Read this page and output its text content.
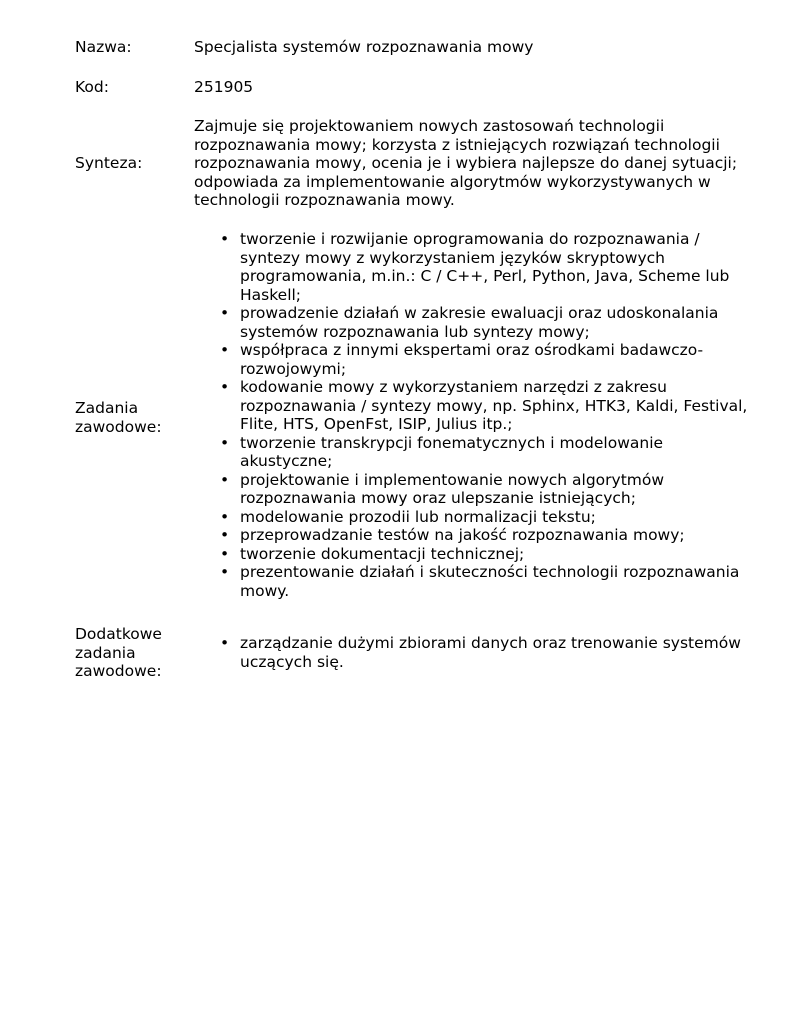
Nazwa:	Specjalista systemów rozpoznawania mowy
Kod:	251905
Synteza:
Zajmuje się projektowaniem nowych zastosowań technologii rozpoznawania mowy; korzysta z istniejących rozwiązań technologii rozpoznawania mowy, ocenia je i wybiera najlepsze do danej sytuacji; odpowiada za implementowanie algorytmów wykorzystywanych w technologii rozpoznawania mowy.
Zadania zawodowe:
• tworzenie i rozwijanie oprogramowania do rozpoznawania / syntezy mowy z wykorzystaniem języków skryptowych programowania, m.in.: C / C++, Perl, Python, Java, Scheme lub Haskell;
• prowadzenie działań w zakresie ewaluacji oraz udoskonalania systemów rozpoznawania lub syntezy mowy;
• współpraca z innymi ekspertami oraz ośrodkami badawczo-rozwojowymi;
• kodowanie mowy z wykorzystaniem narzędzi z zakresu rozpoznawania / syntezy mowy, np. Sphinx, HTK3, Kaldi, Festival, Flite, HTS, OpenFst, ISIP, Julius itp.;
• tworzenie transkrypcji fonematycznych i modelowanie akustyczne;
• projektowanie i implementowanie nowych algorytmów rozpoznawania mowy oraz ulepszanie istniejących;
• modelowanie prozodii lub normalizacji tekstu;
• przeprowadzanie testów na jakość rozpoznawania mowy;
• tworzenie dokumentacji technicznej;
• prezentowanie działań i skuteczności technologii rozpoznawania mowy.
Dodatkowe zadania zawodowe:
• zarządzanie dużymi zbiorami danych oraz trenowanie systemów uczących się.
